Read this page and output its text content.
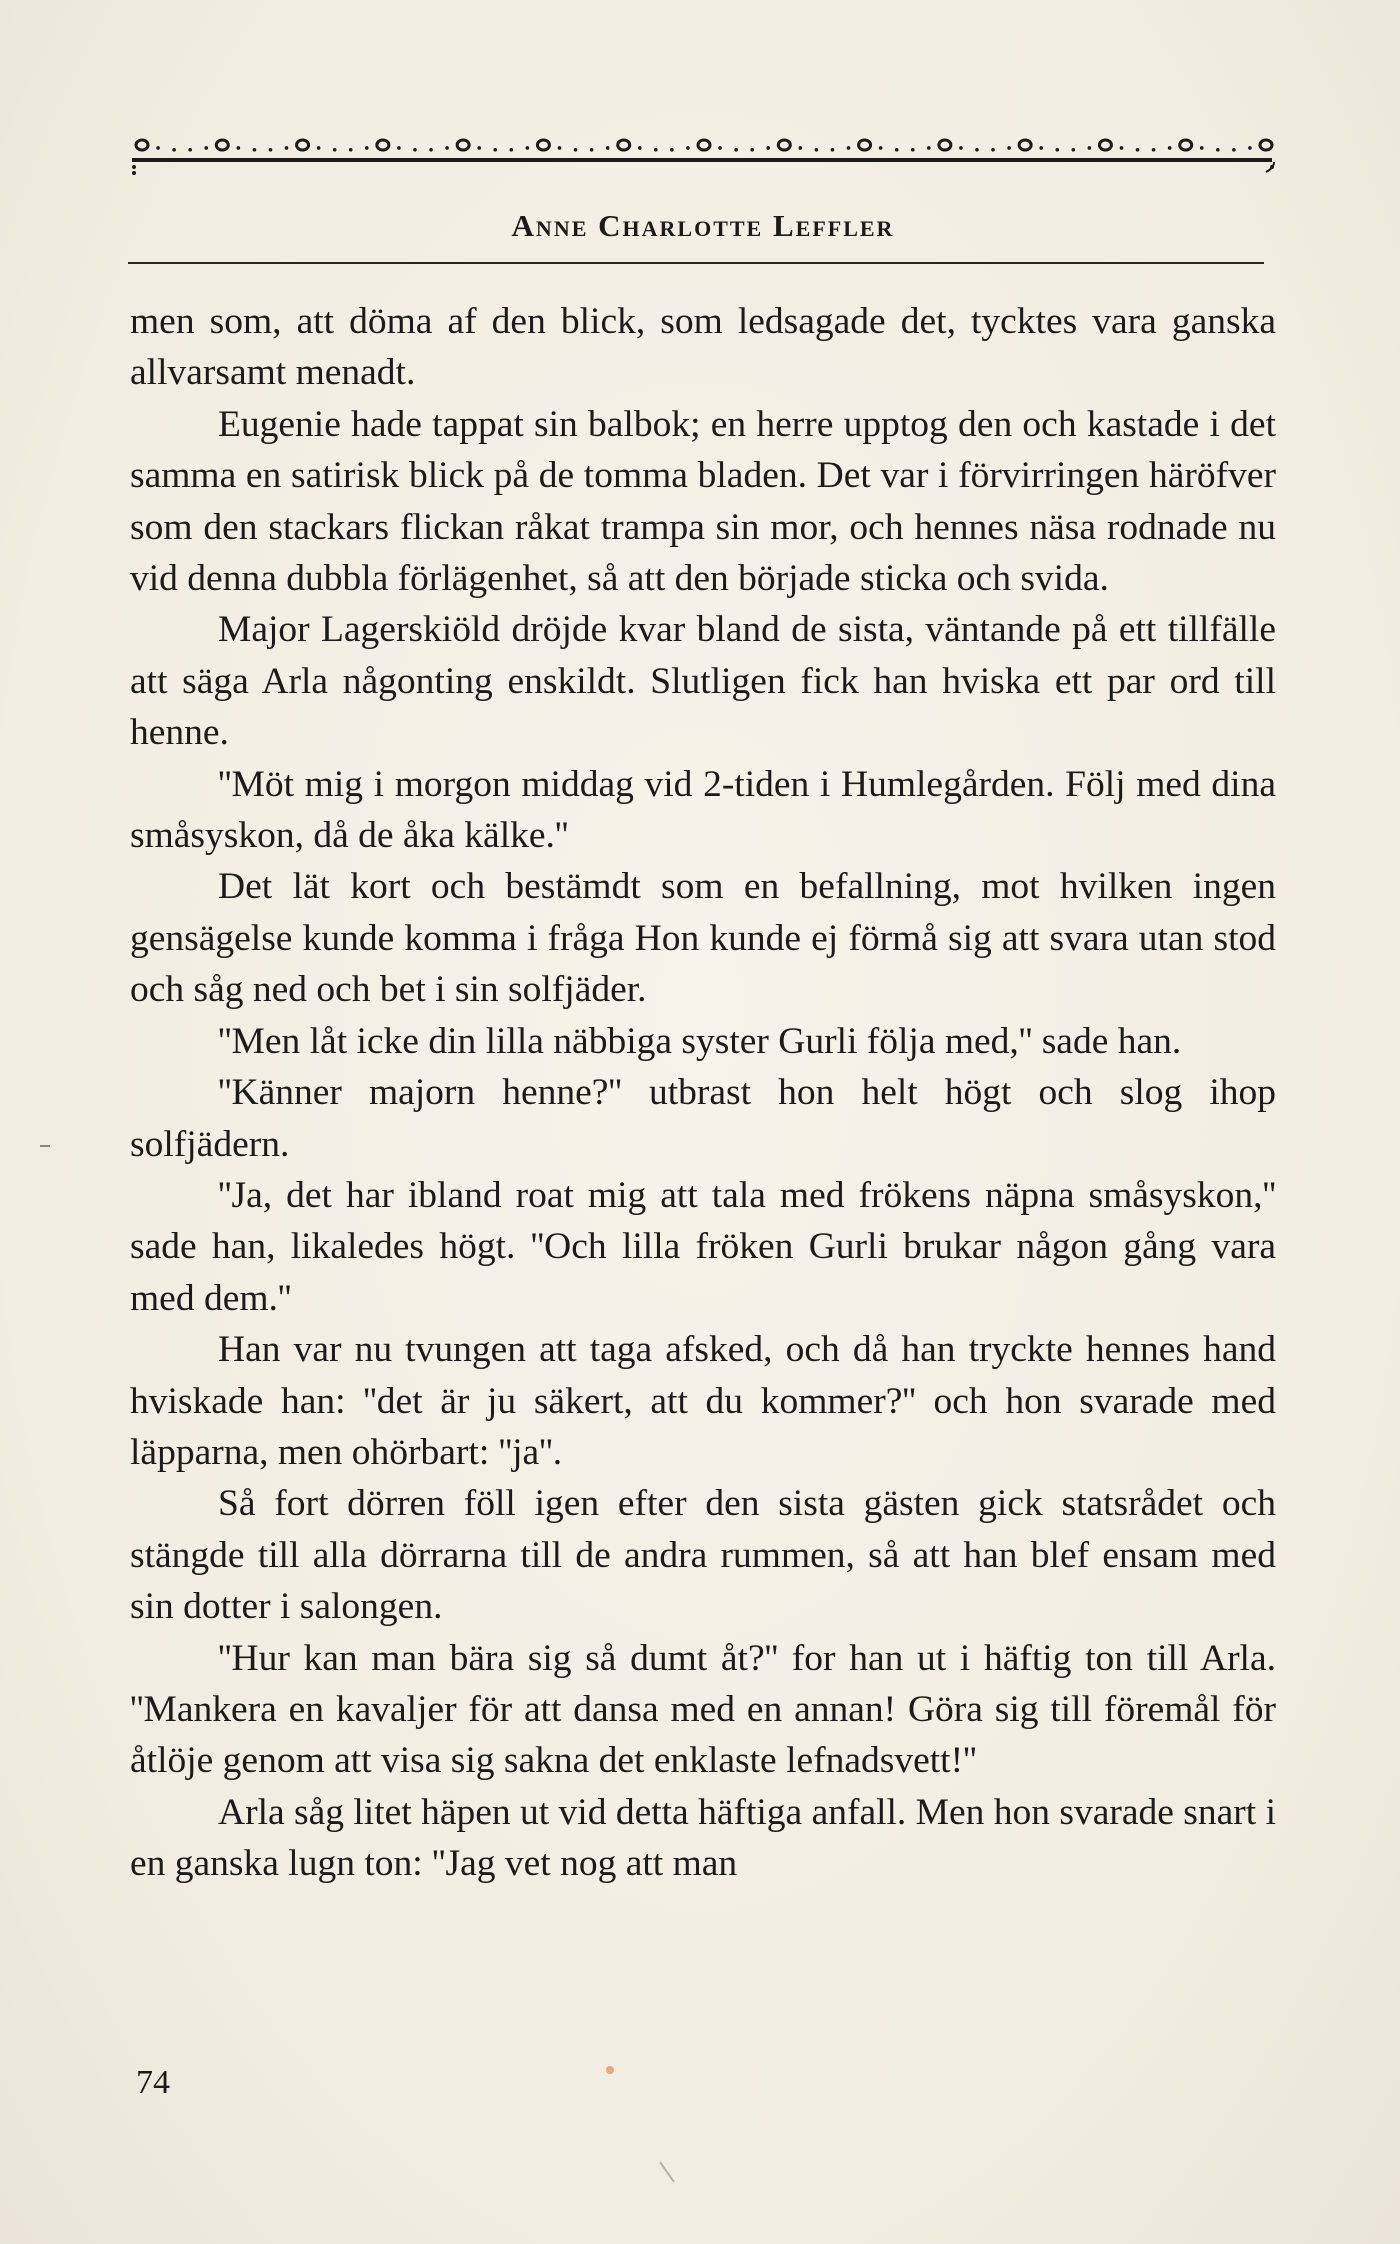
Anne Charlotte Leffler

men som, att döma af den blick, som ledsagade det, tycktes vara ganska allvarsamt menadt.

Eugenie hade tappat sin balbok; en herre upptog den och kastade i det samma en satirisk blick på de tomma bladen. Det var i förvirringen häröfver som den stackars flickan råkat trampa sin mor, och hennes näsa rodnade nu vid denna dubbla förlägenhet, så att den började sticka och svida.

Major Lagerskiöld dröjde kvar bland de sista, väntande på ett tillfälle att säga Arla någonting enskildt. Slutligen fick han hviska ett par ord till henne.

''Möt mig i morgon middag vid 2-tiden i Humlegården. Följ med dina småsyskon, då de åka kälke.''

Det lät kort och bestämdt som en befallning, mot hvilken ingen gensägelse kunde komma i fråga Hon kunde ej förmå sig att svara utan stod och såg ned och bet i sin solfjäder.

''Men låt icke din lilla näbbiga syster Gurli följa med,'' sade han.

''Känner majorn henne?'' utbrast hon helt högt och slog ihop solfjädern.

''Ja, det har ibland roat mig att tala med frökens näpna småsyskon,'' sade han, likaledes högt. ''Och lilla fröken Gurli brukar någon gång vara med dem.''

Han var nu tvungen att taga afsked, och då han tryckte hennes hand hviskade han: ''det är ju säkert, att du kommer?'' och hon svarade med läpparna, men ohörbart: ''ja''.

Så fort dörren föll igen efter den sista gästen gick statsrådet och stängde till alla dörrarna till de andra rummen, så att han blef ensam med sin dotter i salongen.

''Hur kan man bära sig så dumt åt?'' for han ut i häftig ton till Arla. ''Mankera en kavaljer för att dansa med en annan! Göra sig till föremål för åtlöje genom att visa sig sakna det enklaste lefnadsvett!''

Arla såg litet häpen ut vid detta häftiga anfall. Men hon svarade snart i en ganska lugn ton: ''Jag vet nog att man

74
